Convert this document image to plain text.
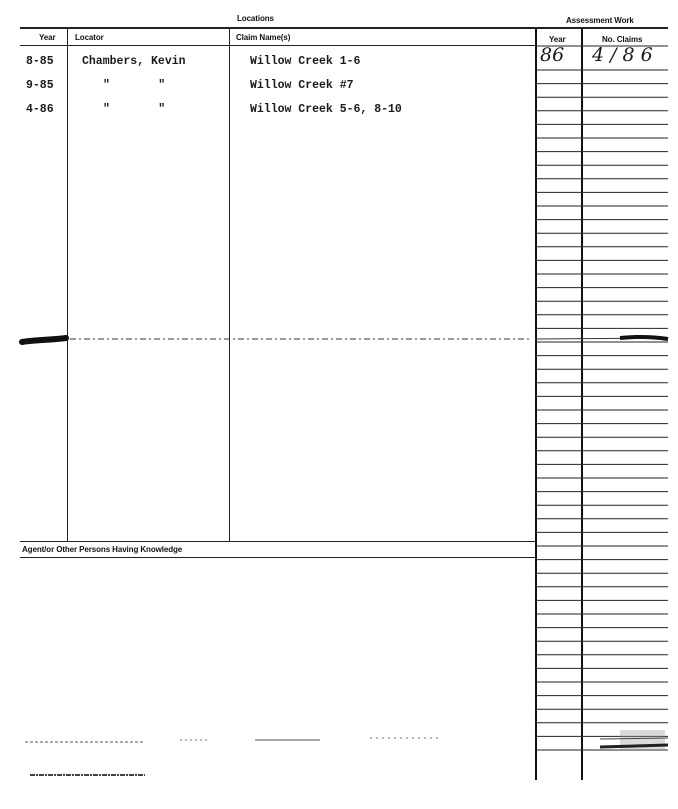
Locations	Assessment Work
Year Locator	Claim Name(s)	Year	No. Claims
8-85 Chambers, Kevin	Willow Creek 1-6
9-85	"       "	Willow Creek #7
4-86	"       "	Willow Creek 5-6, 8-10
86 4/86
Agent/or Other Persons Having Knowledge
